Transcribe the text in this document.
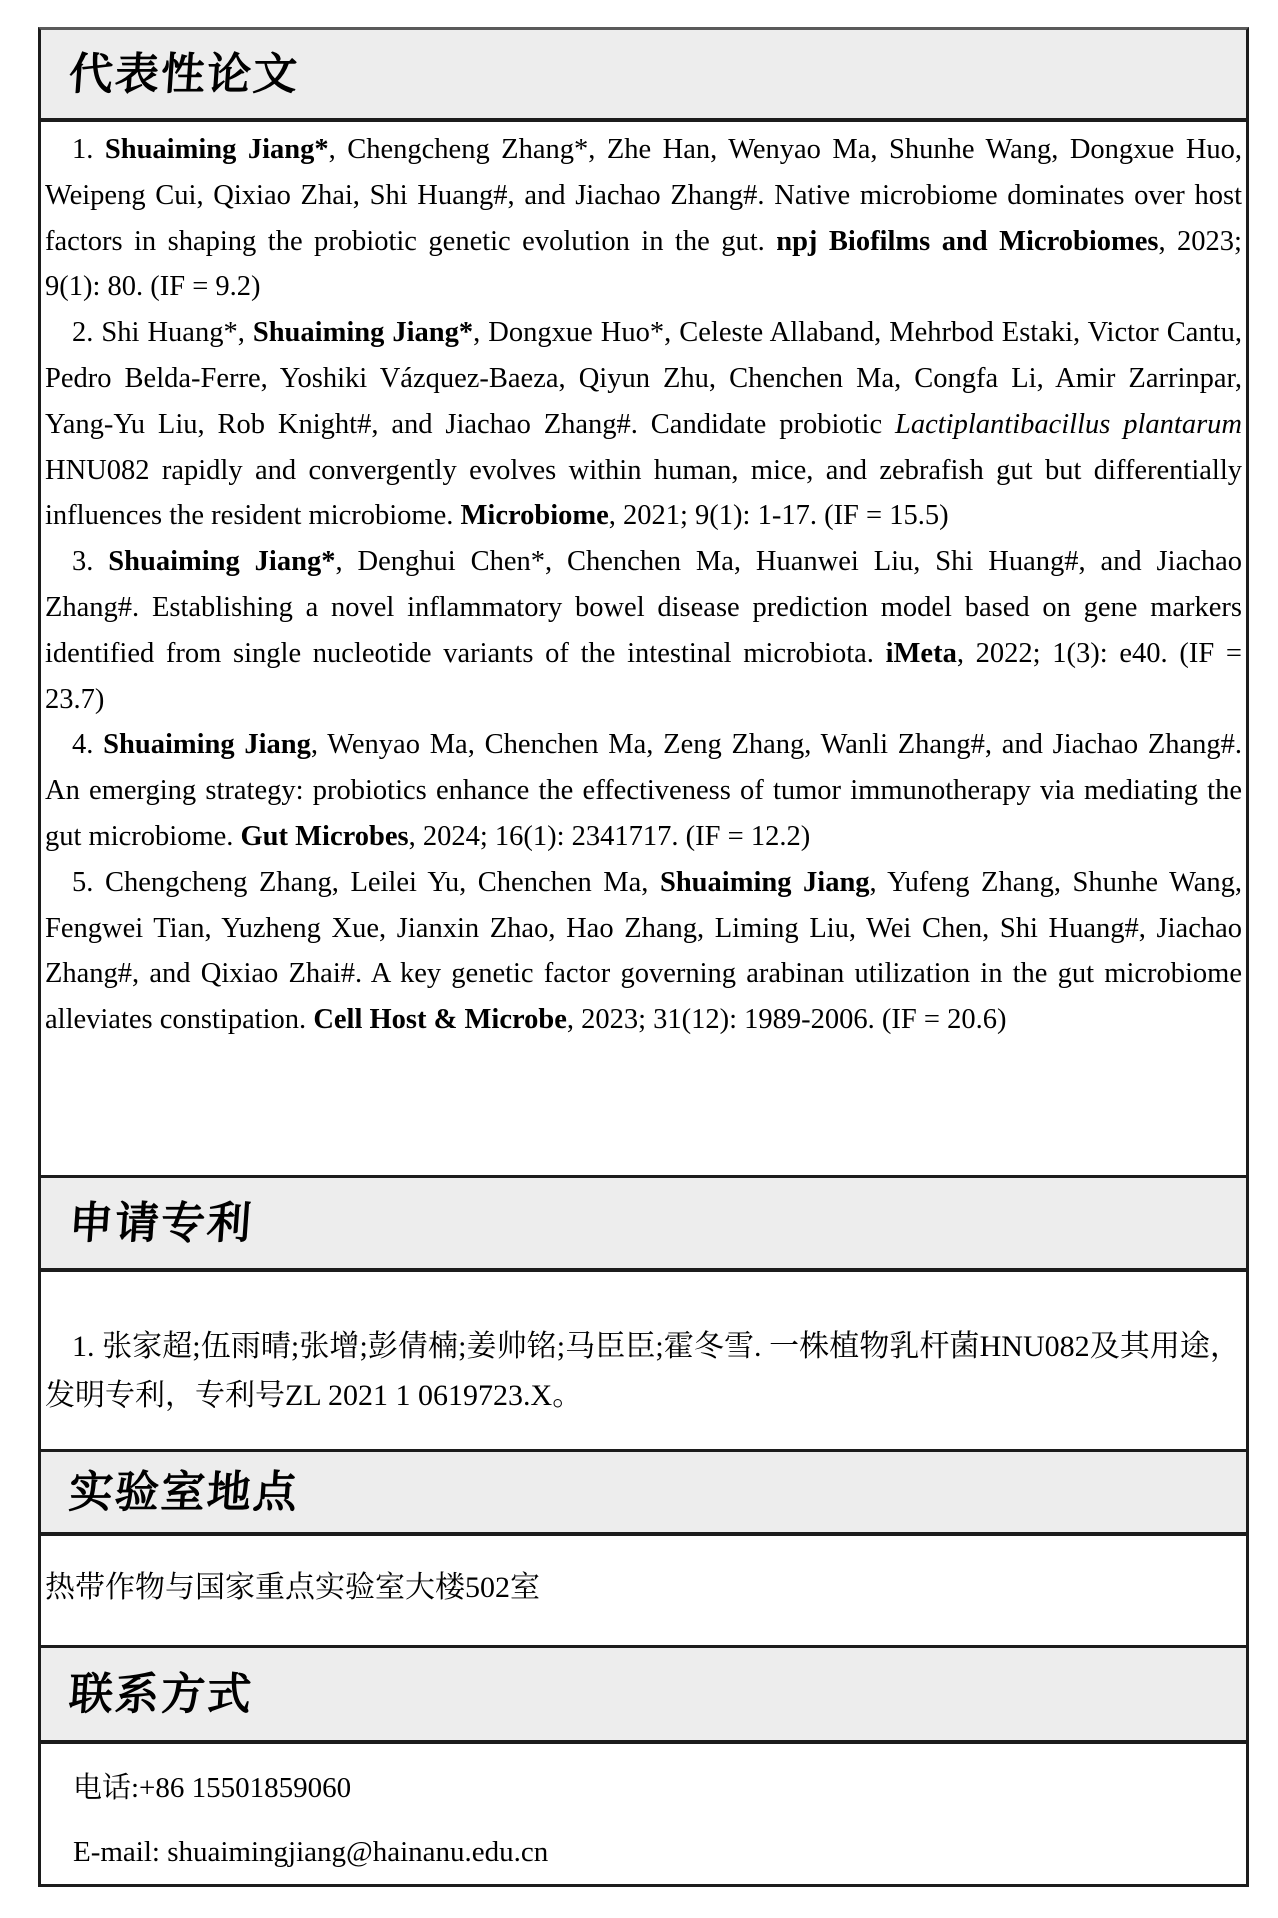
代表性论文

1. Shuaiming Jiang*, Chengcheng Zhang*, Zhe Han, Wenyao Ma, Shunhe Wang, Dongxue Huo, Weipeng Cui, Qixiao Zhai, Shi Huang#, and Jiachao Zhang#. Native microbiome dominates over host factors in shaping the probiotic genetic evolution in the gut. npj Biofilms and Microbiomes, 2023; 9(1): 80. (IF = 9.2)

2. Shi Huang*, Shuaiming Jiang*, Dongxue Huo*, Celeste Allaband, Mehrbod Estaki, Victor Cantu, Pedro Belda-Ferre, Yoshiki Vázquez-Baeza, Qiyun Zhu, Chenchen Ma, Congfa Li, Amir Zarrinpar, Yang-Yu Liu, Rob Knight#, and Jiachao Zhang#. Candidate probiotic Lactiplantibacillus plantarum HNU082 rapidly and convergently evolves within human, mice, and zebrafish gut but differentially influences the resident microbiome. Microbiome, 2021; 9(1): 1-17. (IF = 15.5)

3. Shuaiming Jiang*, Denghui Chen*, Chenchen Ma, Huanwei Liu, Shi Huang#, and Jiachao Zhang#. Establishing a novel inflammatory bowel disease prediction model based on gene markers identified from single nucleotide variants of the intestinal microbiota. iMeta, 2022; 1(3): e40. (IF = 23.7)

4. Shuaiming Jiang, Wenyao Ma, Chenchen Ma, Zeng Zhang, Wanli Zhang#, and Jiachao Zhang#. An emerging strategy: probiotics enhance the effectiveness of tumor immunotherapy via mediating the gut microbiome. Gut Microbes, 2024; 16(1): 2341717. (IF = 12.2)

5. Chengcheng Zhang, Leilei Yu, Chenchen Ma, Shuaiming Jiang, Yufeng Zhang, Shunhe Wang, Fengwei Tian, Yuzheng Xue, Jianxin Zhao, Hao Zhang, Liming Liu, Wei Chen, Shi Huang#, Jiachao Zhang#, and Qixiao Zhai#. A key genetic factor governing arabinan utilization in the gut microbiome alleviates constipation. Cell Host & Microbe, 2023; 31(12): 1989-2006. (IF = 20.6)

申请专利

1. 张家超;伍雨晴;张增;彭倩楠;姜帅铭;马臣臣;霍冬雪. 一株植物乳杆菌HNU082及其用途，发明专利，专利号ZL 2021 1 0619723.X。

实验室地点

热带作物与国家重点实验室大楼502室

联系方式

电话:+86 15501859060

E-mail: shuaimingjiang@hainanu.edu.cn
